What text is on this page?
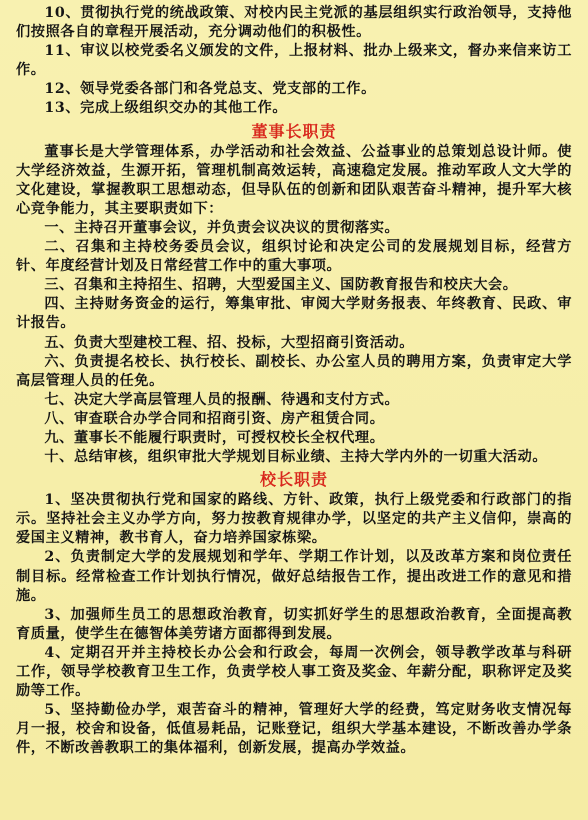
10、贯彻执行党的统战政策、对校内民主党派的基层组织实行政治领导，支持他们按照各自的章程开展活动，充分调动他们的积极性。

11、审议以校党委名义颁发的文件，上报材料、批办上级来文，督办来信来访工作。

12、领导党委各部门和各党总支、党支部的工作。

13、完成上级组织交办的其他工作。

董事长职责

董事长是大学管理体系，办学活动和社会效益、公益事业的总策划总设计师。使大学经济效益，生源开拓，管理机制高效运转，高速稳定发展。推动军政人文大学的文化建设，掌握教职工思想动态，但导队伍的创新和团队艰苦奋斗精神，提升军大核心竞争能力，其主要职责如下：

一、主持召开董事会议，并负责会议决议的贯彻落实。

二、召集和主持校务委员会议，组织讨论和决定公司的发展规划目标，经营方针、年度经营计划及日常经营工作中的重大事项。

三、召集和主持招生、招聘，大型爱国主义、国防教育报告和校庆大会。

四、主持财务资金的运行，筹集审批、审阅大学财务报表、年终教育、民政、审计报告。

五、负责大型建校工程、招、投标，大型招商引资活动。

六、负责提名校长、执行校长、副校长、办公室人员的聘用方案，负责审定大学高层管理人员的任免。

七、决定大学高层管理人员的报酬、待遇和支付方式。

八、审查联合办学合同和招商引资、房产租赁合同。

九、董事长不能履行职责时，可授权校长全权代理。

十、总结审核，组织审批大学规划目标业绩、主持大学内外的一切重大活动。

校长职责

1、坚决贯彻执行党和国家的路线、方针、政策，执行上级党委和行政部门的指示。坚持社会主义办学方向，努力按教育规律办学，以坚定的共产主义信仰，崇高的爱国主义精神，教书育人，奋力培养国家栋梁。

2、负责制定大学的发展规划和学年、学期工作计划，以及改革方案和岗位责任制目标。经常检查工作计划执行情况，做好总结报告工作，提出改进工作的意见和措施。

3、加强师生员工的思想政治教育，切实抓好学生的思想政治教育，全面提高教育质量，使学生在德智体美劳诸方面都得到发展。

4、定期召开并主持校长办公会和行政会，每周一次例会，领导教学改革与科研工作，领导学校教育卫生工作，负责学校人事工资及奖金、年薪分配，职称评定及奖励等工作。

5、坚持勤俭办学，艰苦奋斗的精神，管理好大学的经费，笃定财务收支情况每月一报，校舍和设备，低值易耗品，记账登记，组织大学基本建设，不断改善办学条件，不断改善教职工的集体福利，创新发展，提高办学效益。
